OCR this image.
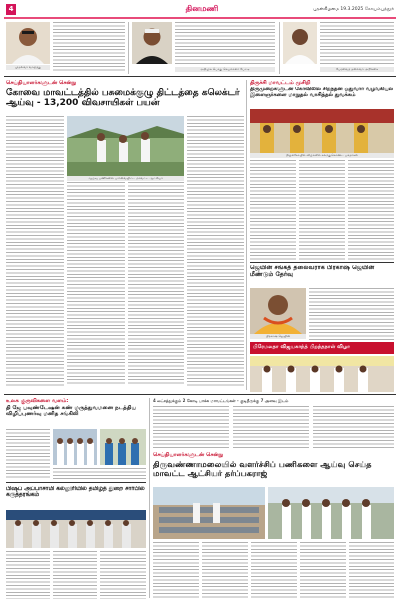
4	தினமணி	புதன்கிழமை 19.3.2025 கோயம்புத்தூர்
முதல்வர் வாழ்த்து	அதிமுக பொது செயலாளர் பேட்டி	பேரவைத் தலைவர் அறிக்கை
செய்தியாளர்களுடன் சென்று
கோவை மாவட்டத்தில் பசுமைக்குழு திட்டத்தை கலெக்டர் ஆய்வு - 13,200 விவசாயிகள் பயன்
ஆய்வு பணிகளை பார்வையிட்ட மாவட்ட ஆட்சியர்
திருச்சி மாவட்டம் முசிறி
திருமுறைகளுடன் கோவிலில் சிறந்தன ஓதுவார் வழங்கியல் இளைஞர்களை மாறுதல் வாசித்தல் துவக்கம்
திருக்கோயில் விழாவில் கலந்துகொண்ட பக்தர்கள்
ஜெயின் சங்கத் தலைவராக பிரகாஷ் ஜெயின் மீண்டும் தேர்வு
பிரகாஷ் ஜெயின்
பிரேமலதா விஜயகாந்த் பிறந்தநாள் விழா
உலக குருவிகளை வளம்:
தி ஜே பவுண்டேஷன் கண் மருத்துவமனை நடத்திய விழிப்புணர்வு மனித சங்கிலி
பிஷப் அப்பாசாமி கல்லூரியில் தமிழ்த் துறை சார்பில் கருத்தரங்கம்
4 லட்சத்துக்கும் 2 கோடி பாக்க மாவட்டங்கள் - குடிநீருக்கு 7 அளவு இடம்
செய்தியாளர்களுடன் சென்று
திருவண்ணாமலையில் வளர்ச்சிப் பணிகளை ஆய்வு செய்த மாவட்ட ஆட்சியர் தர்ப்பகராஜ்
